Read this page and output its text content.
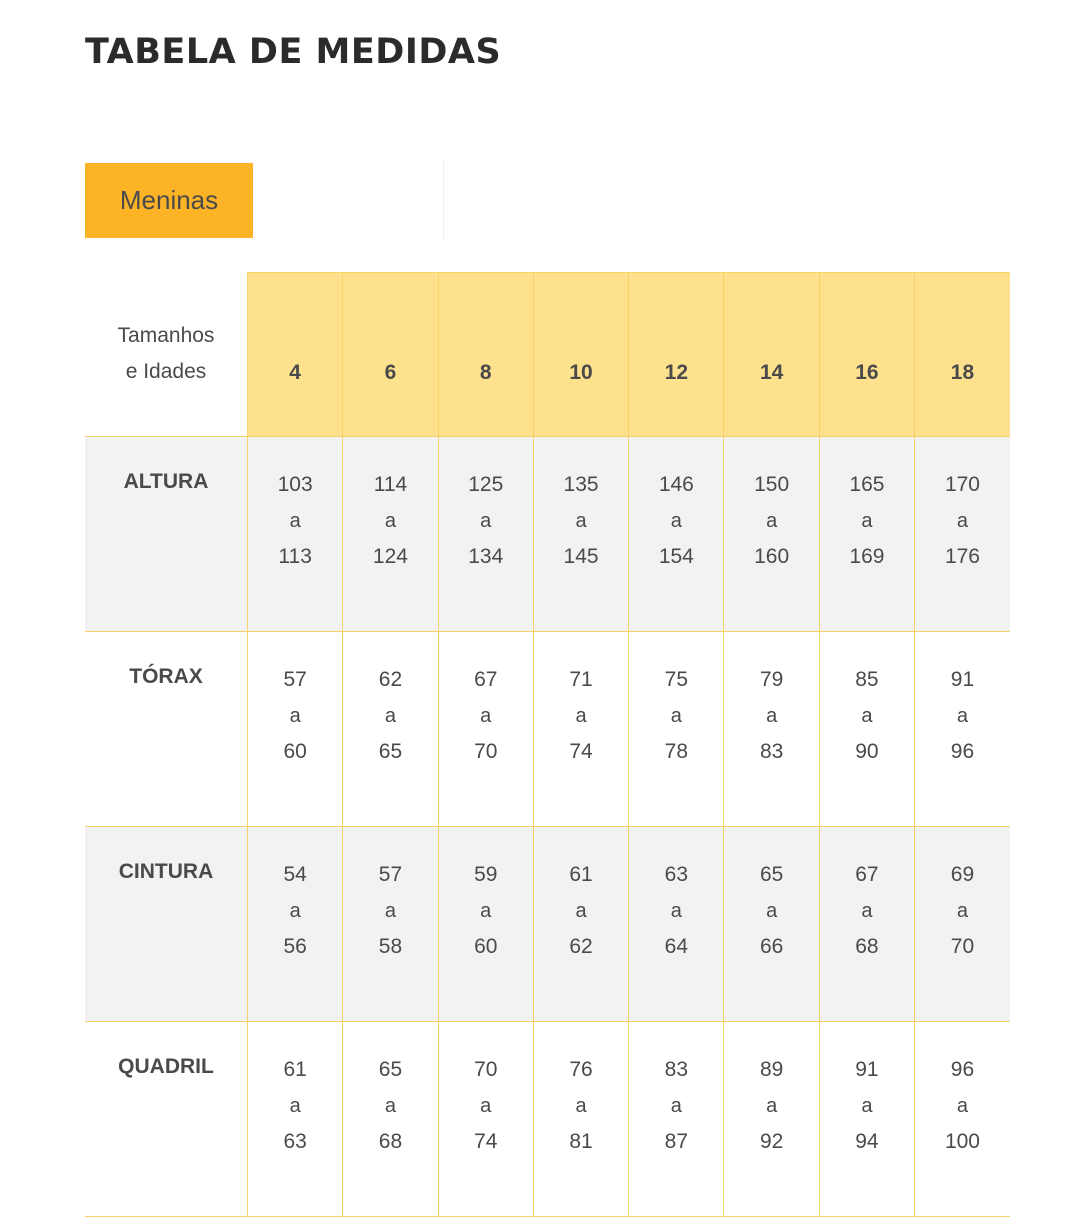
TABELA DE MEDIDAS
Meninas
Tamanhos
e Idades	4	6	8	10	12	14	16	18
ALTURA	103
a
113	114
a
124	125
a
134	135
a
145	146
a
154	150
a
160	165
a
169	170
a
176

TÓRAX	57
a
60	62
a
65	67
a
70	71
a
74	75
a
78	79
a
83	85
a
90	91
a
96

CINTURA	54
a
56	57
a
58	59
a
60	61
a
62	63
a
64	65
a
66	67
a
68	69
a
70

QUADRIL	61
a
63	65
a
68	70
a
74	76
a
81	83
a
87	89
a
92	91
a
94	96
a
100
